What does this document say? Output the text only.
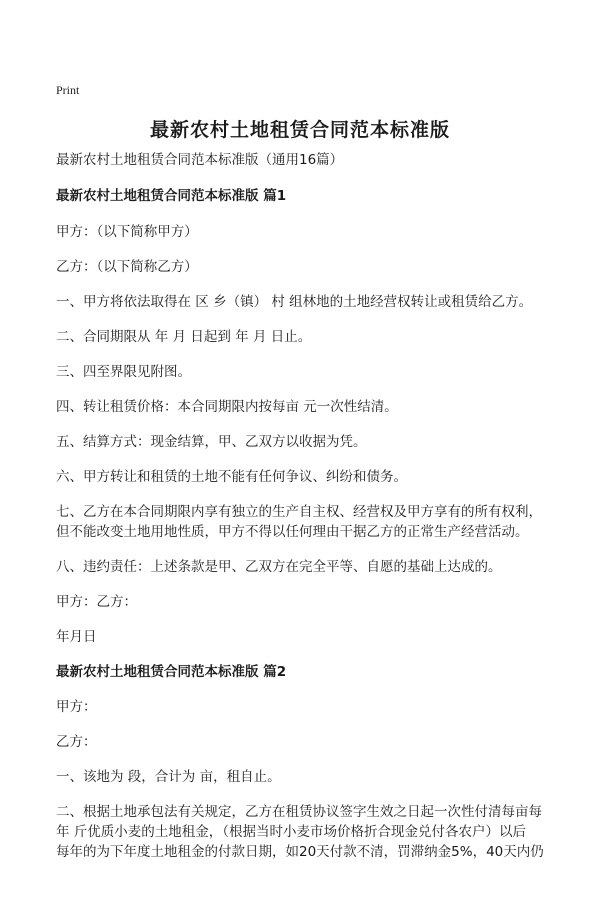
Print
最新农村土地租赁合同范本标准版
最新农村土地租赁合同范本标准版（通用16篇）
最新农村土地租赁合同范本标准版 篇1
甲方：（以下简称甲方）
乙方：（以下简称乙方）
一、甲方将依法取得在 区 乡（镇） 村 组林地的土地经营权转让或租赁给乙方。
二、合同期限从 年 月 日起到 年 月 日止。
三、四至界限见附图。
四、转让租赁价格：本合同期限内按每亩 元一次性结清。
五、结算方式：现金结算，甲、乙双方以收据为凭。
六、甲方转让和租赁的土地不能有任何争议、纠纷和债务。
七、乙方在本合同期限内享有独立的生产自主权、经营权及甲方享有的所有权利，
但不能改变土地用地性质，甲方不得以任何理由干据乙方的正常生产经营活动。
八、违约责任：上述条款是甲、乙双方在完全平等、自愿的基础上达成的。
甲方：乙方：
年月日
最新农村土地租赁合同范本标准版 篇2
甲方：
乙方：
一、该地为 段，合计为 亩，租自止。
二、根据土地承包法有关规定，乙方在租赁协议签字生效之日起一次性付清每亩每
年 斤优质小麦的土地租金，（根据当时小麦市场价格折合现金兑付各农户）以后
每年的为下年度土地租金的付款日期，如20天付款不清，罚滞纳金5%，40天内仍
